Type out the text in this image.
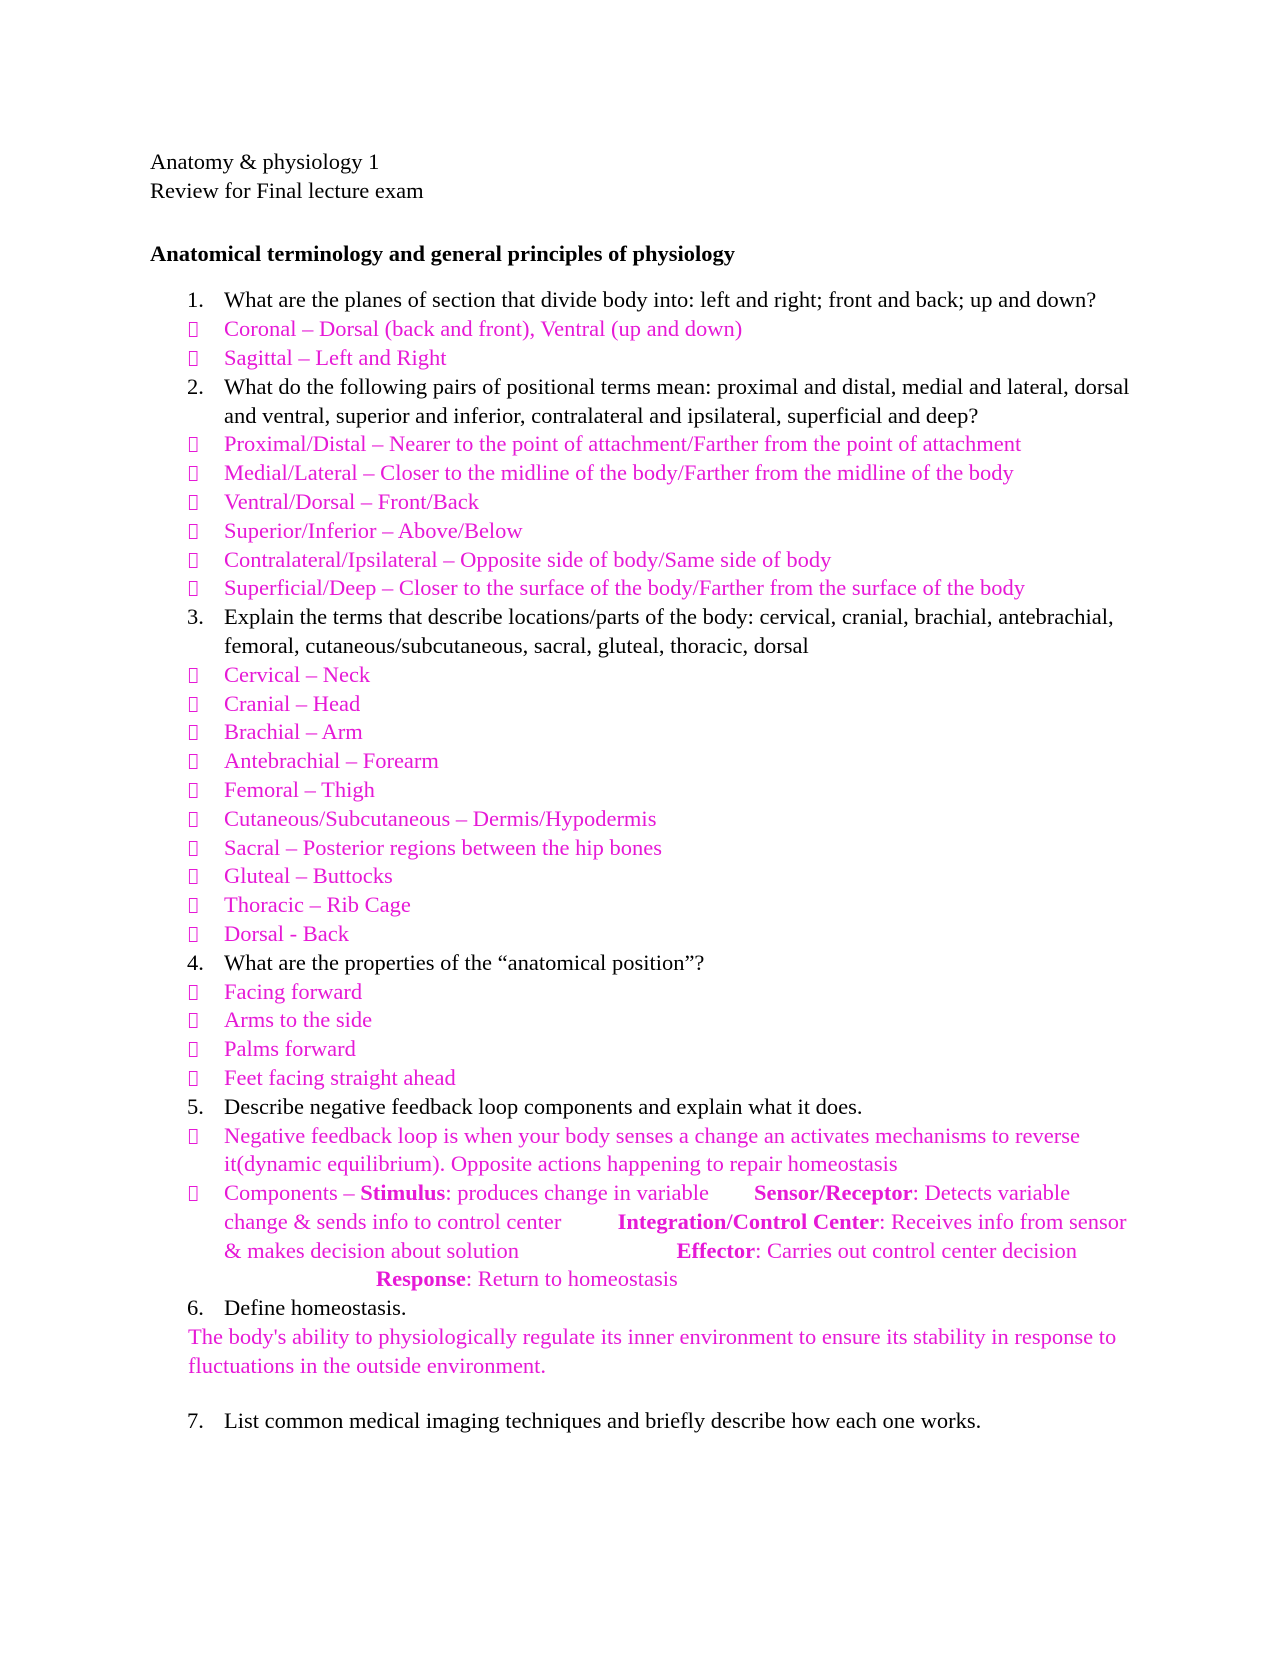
Anatomy & physiology 1
Review for Final lecture exam
Anatomical terminology and general principles of physiology
1. What are the planes of section that divide body into: left and right; front and back; up and down?
Coronal – Dorsal (back and front), Ventral (up and down)
Sagittal – Left and Right
2. What do the following pairs of positional terms mean: proximal and distal, medial and lateral, dorsal and ventral, superior and inferior, contralateral and ipsilateral, superficial and deep?
Proximal/Distal – Nearer to the point of attachment/Farther from the point of attachment
Medial/Lateral – Closer to the midline of the body/Farther from the midline of the body
Ventral/Dorsal – Front/Back
Superior/Inferior – Above/Below
Contralateral/Ipsilateral – Opposite side of body/Same side of body
Superficial/Deep – Closer to the surface of the body/Farther from the surface of the body
3. Explain the terms that describe locations/parts of the body: cervical, cranial, brachial, antebrachial, femoral, cutaneous/subcutaneous, sacral, gluteal, thoracic, dorsal
Cervical – Neck
Cranial – Head
Brachial – Arm
Antebrachial – Forearm
Femoral – Thigh
Cutaneous/Subcutaneous – Dermis/Hypodermis
Sacral – Posterior regions between the hip bones
Gluteal – Buttocks
Thoracic – Rib Cage
Dorsal - Back
4. What are the properties of the “anatomical position”?
Facing forward
Arms to the side
Palms forward
Feet facing straight ahead
5. Describe negative feedback loop components and explain what it does.
Negative feedback loop is when your body senses a change an activates mechanisms to reverse it(dynamic equilibrium). Opposite actions happening to repair homeostasis
Components – Stimulus: produces change in variable Sensor/Receptor: Detects variable change & sends info to control center	Integration/Control Center: Receives info from sensor & makes decision about solution	Effector: Carries out control center decision                            Response: Return to homeostasis
6. Define homeostasis.
The body's ability to physiologically regulate its inner environment to ensure its stability in response to fluctuations in the outside environment.
7. List common medical imaging techniques and briefly describe how each one works.
